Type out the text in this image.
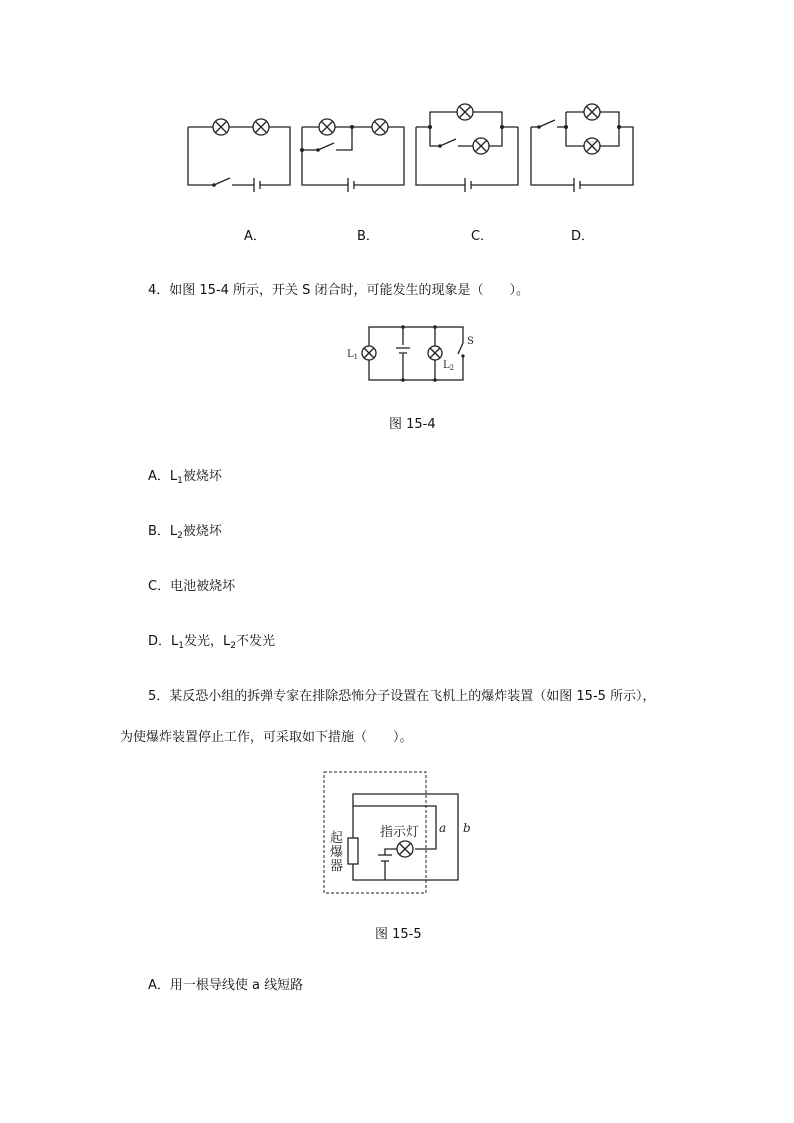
A．	B．	C．	D．
4．如图 15-4 所示，开关 S 闭合时，可能发生的现象是（　　）。
$L_1$
$L_2$
S
图 15-4
A．$L_1$被烧坏
B．$L_2$被烧坏
C．电池被烧坏
D．$L_1$发光，$L_2$不发光
5．某反恐小组的拆弹专家在排除恐怖分子设置在飞机上的爆炸装置（如图 15-5 所示），
为使爆炸装置停止工作，可采取如下措施（　　）。
起
爆
器
指示灯 a b
图 15-5
A．用一根导线使 a 线短路
